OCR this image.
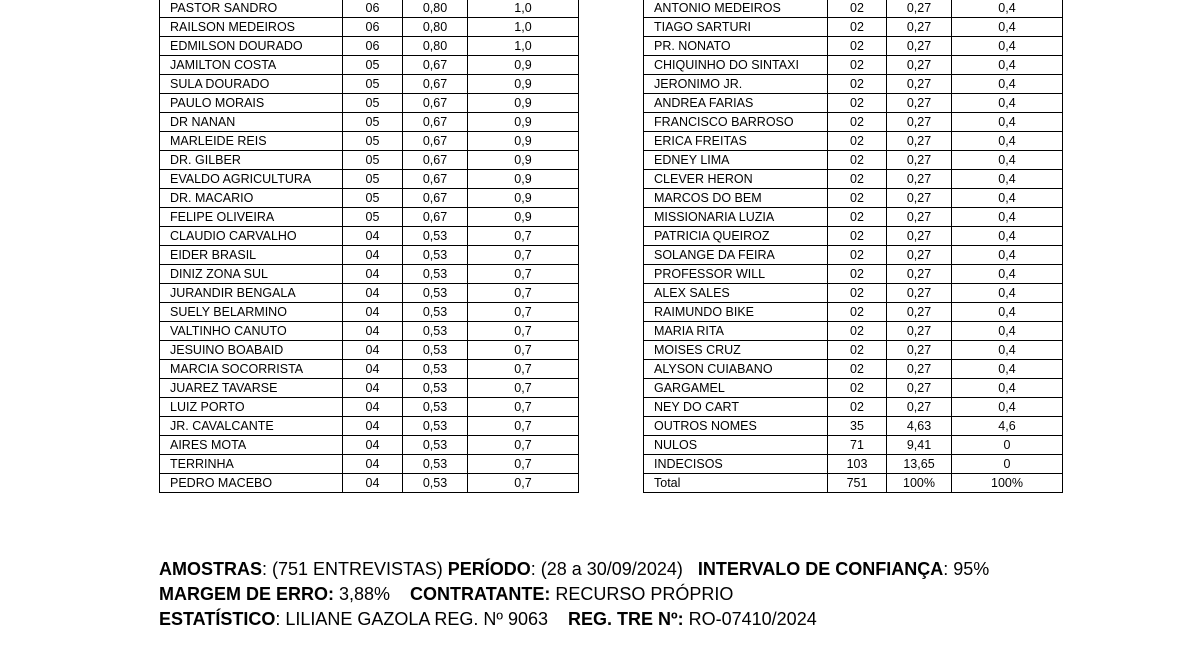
PASTOR SANDRO	06	0,80	1,0
RAILSON MEDEIROS	06	0,80	1,0
EDMILSON DOURADO	06	0,80	1,0
JAMILTON COSTA	05	0,67	0,9
SULA DOURADO	05	0,67	0,9
PAULO MORAIS	05	0,67	0,9
DR NANAN	05	0,67	0,9
MARLEIDE REIS	05	0,67	0,9
DR. GILBER	05	0,67	0,9
EVALDO AGRICULTURA	05	0,67	0,9
DR. MACARIO	05	0,67	0,9
FELIPE OLIVEIRA	05	0,67	0,9
CLAUDIO CARVALHO	04	0,53	0,7
EIDER BRASIL	04	0,53	0,7
DINIZ ZONA SUL	04	0,53	0,7
JURANDIR BENGALA	04	0,53	0,7
SUELY BELARMINO	04	0,53	0,7
VALTINHO CANUTO	04	0,53	0,7
JESUINO BOABAID	04	0,53	0,7
MARCIA SOCORRISTA	04	0,53	0,7
JUAREZ TAVARSE	04	0,53	0,7
LUIZ PORTO	04	0,53	0,7
JR. CAVALCANTE	04	0,53	0,7
AIRES MOTA	04	0,53	0,7
TERRINHA	04	0,53	0,7
PEDRO MACEBO	04	0,53	0,7
ANTONIO MEDEIROS	02	0,27	0,4
TIAGO SARTURI	02	0,27	0,4
PR. NONATO	02	0,27	0,4
CHIQUINHO DO SINTAXI	02	0,27	0,4
JERONIMO JR.	02	0,27	0,4
ANDREA FARIAS	02	0,27	0,4
FRANCISCO BARROSO	02	0,27	0,4
ERICA FREITAS	02	0,27	0,4
EDNEY LIMA	02	0,27	0,4
CLEVER HERON	02	0,27	0,4
MARCOS DO BEM	02	0,27	0,4
MISSIONARIA LUZIA	02	0,27	0,4
PATRICIA QUEIROZ	02	0,27	0,4
SOLANGE DA FEIRA	02	0,27	0,4
PROFESSOR WILL	02	0,27	0,4
ALEX SALES	02	0,27	0,4
RAIMUNDO BIKE	02	0,27	0,4
MARIA RITA	02	0,27	0,4
MOISES CRUZ	02	0,27	0,4
ALYSON CUIABANO	02	0,27	0,4
GARGAMEL	02	0,27	0,4
NEY DO CART	02	0,27	0,4
OUTROS NOMES	35	4,63	4,6
NULOS	71	9,41	0
INDECISOS	103	13,65	0
Total	751	100%	100%
AMOSTRAS: (751 ENTREVISTAS) PERÍODO: (28 a 30/09/2024)   INTERVALO DE CONFIANÇA: 95%
MARGEM DE ERRO: 3,88%    CONTRATANTE: RECURSO PRÓPRIO
ESTATÍSTICO: LILIANE GAZOLA REG. Nº 9063    REG. TRE Nº: RO-07410/2024
